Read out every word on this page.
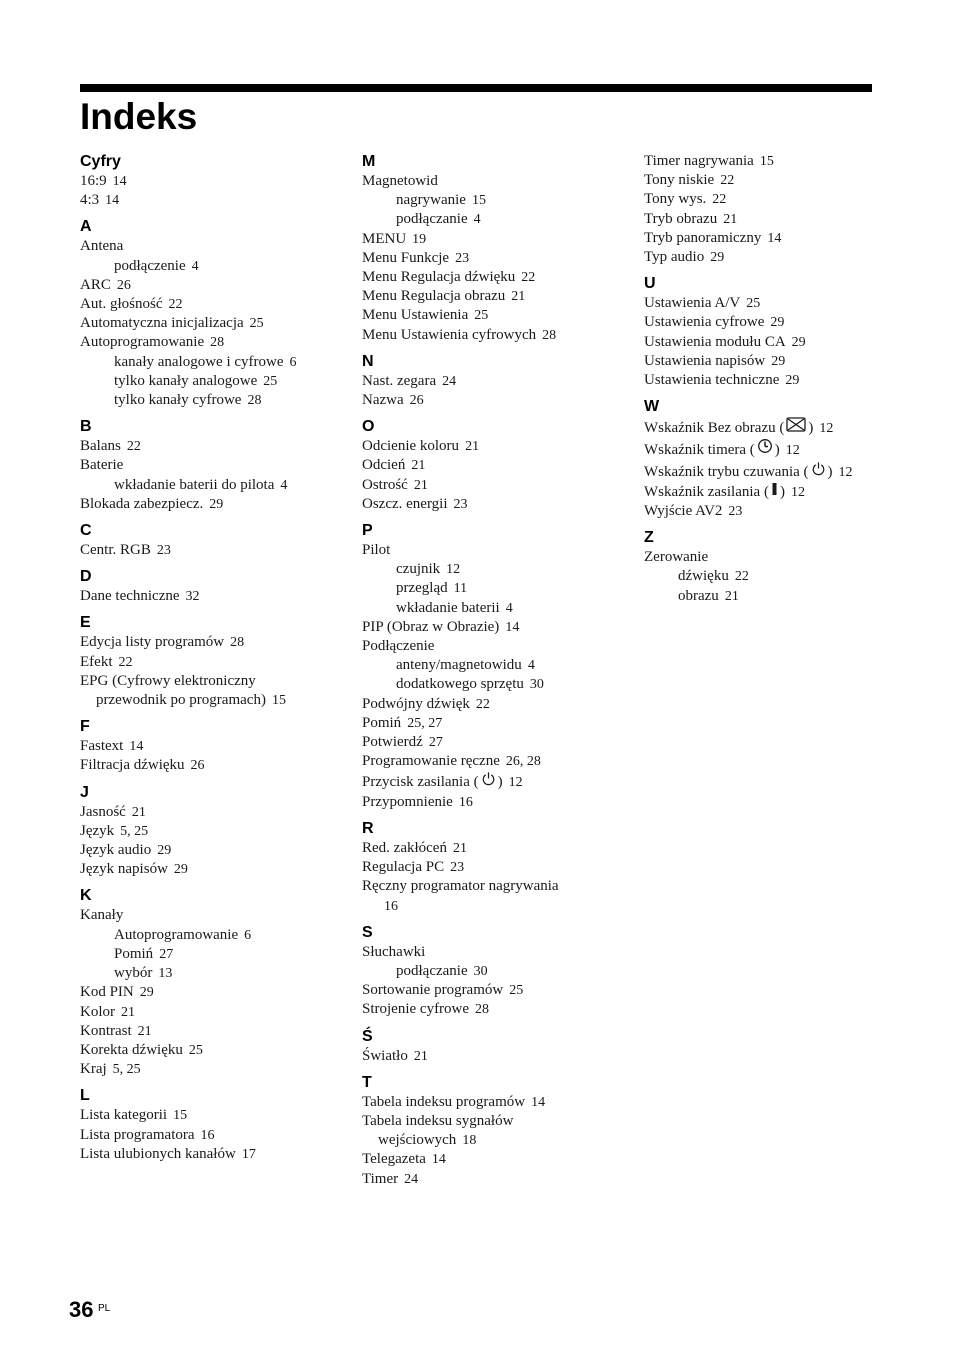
Indeks
Cyfry
16:9 14
4:3 14
A
Antena
podłączenie 4
ARC 26
Aut. głośność 22
Automatyczna inicjalizacja 25
Autoprogramowanie 28
kanały analogowe i cyfrowe 6
tylko kanały analogowe 25
tylko kanały cyfrowe 28
B
Balans 22
Baterie
wkładanie baterii do pilota 4
Blokada zabezpiecz. 29
C
Centr. RGB 23
D
Dane techniczne 32
E
Edycja listy programów 28
Efekt 22
EPG (Cyfrowy elektroniczny
przewodnik po programach) 15
F
Fastext 14
Filtracja dźwięku 26
J
Jasność 21
Język 5, 25
Język audio 29
Język napisów 29
K
Kanały
Autoprogramowanie 6
Pomiń 27
wybór 13
Kod PIN 29
Kolor 21
Kontrast 21
Korekta dźwięku 25
Kraj 5, 25
L
Lista kategorii 15
Lista programatora 16
Lista ulubionych kanałów 17
M
Magnetowid
nagrywanie 15
podłączanie 4
MENU 19
Menu Funkcje 23
Menu Regulacja dźwięku 22
Menu Regulacja obrazu 21
Menu Ustawienia 25
Menu Ustawienia cyfrowych 28
N
Nast. zegara 24
Nazwa 26
O
Odcienie koloru 21
Odcień 21
Ostrość 21
Oszcz. energii 23
P
Pilot
czujnik 12
przegląd 11
wkładanie baterii 4
PIP (Obraz w Obrazie) 14
Podłączenie
anteny/magnetowidu 4
dodatkowego sprzętu 30
Podwójny dźwięk 22
Pomiń 25, 27
Potwierdź 27
Programowanie ręczne 26, 28
Przycisk zasilania ( ) 12
Przypomnienie 16
R
Red. zakłóceń 21
Regulacja PC 23
Ręczny programator nagrywania
16
S
Słuchawki
podłączanie 30
Sortowanie programów 25
Strojenie cyfrowe 28
Ś
Światło 21
T
Tabela indeksu programów 14
Tabela indeksu sygnałów
wejściowych 18
Telegazeta 14
Timer 24
Timer nagrywania 15
Tony niskie 22
Tony wys. 22
Tryb obrazu 21
Tryb panoramiczny 14
Typ audio 29
U
Ustawienia A/V 25
Ustawienia cyfrowe 29
Ustawienia modułu CA 29
Ustawienia napisów 29
Ustawienia techniczne 29
W
Wskaźnik Bez obrazu ( ) 12
Wskaźnik timera ( ) 12
Wskaźnik trybu czuwania ( ) 12
Wskaźnik zasilania ( ) 12
Wyjście AV2 23
Z
Zerowanie
dźwięku 22
obrazu 21
36 PL
